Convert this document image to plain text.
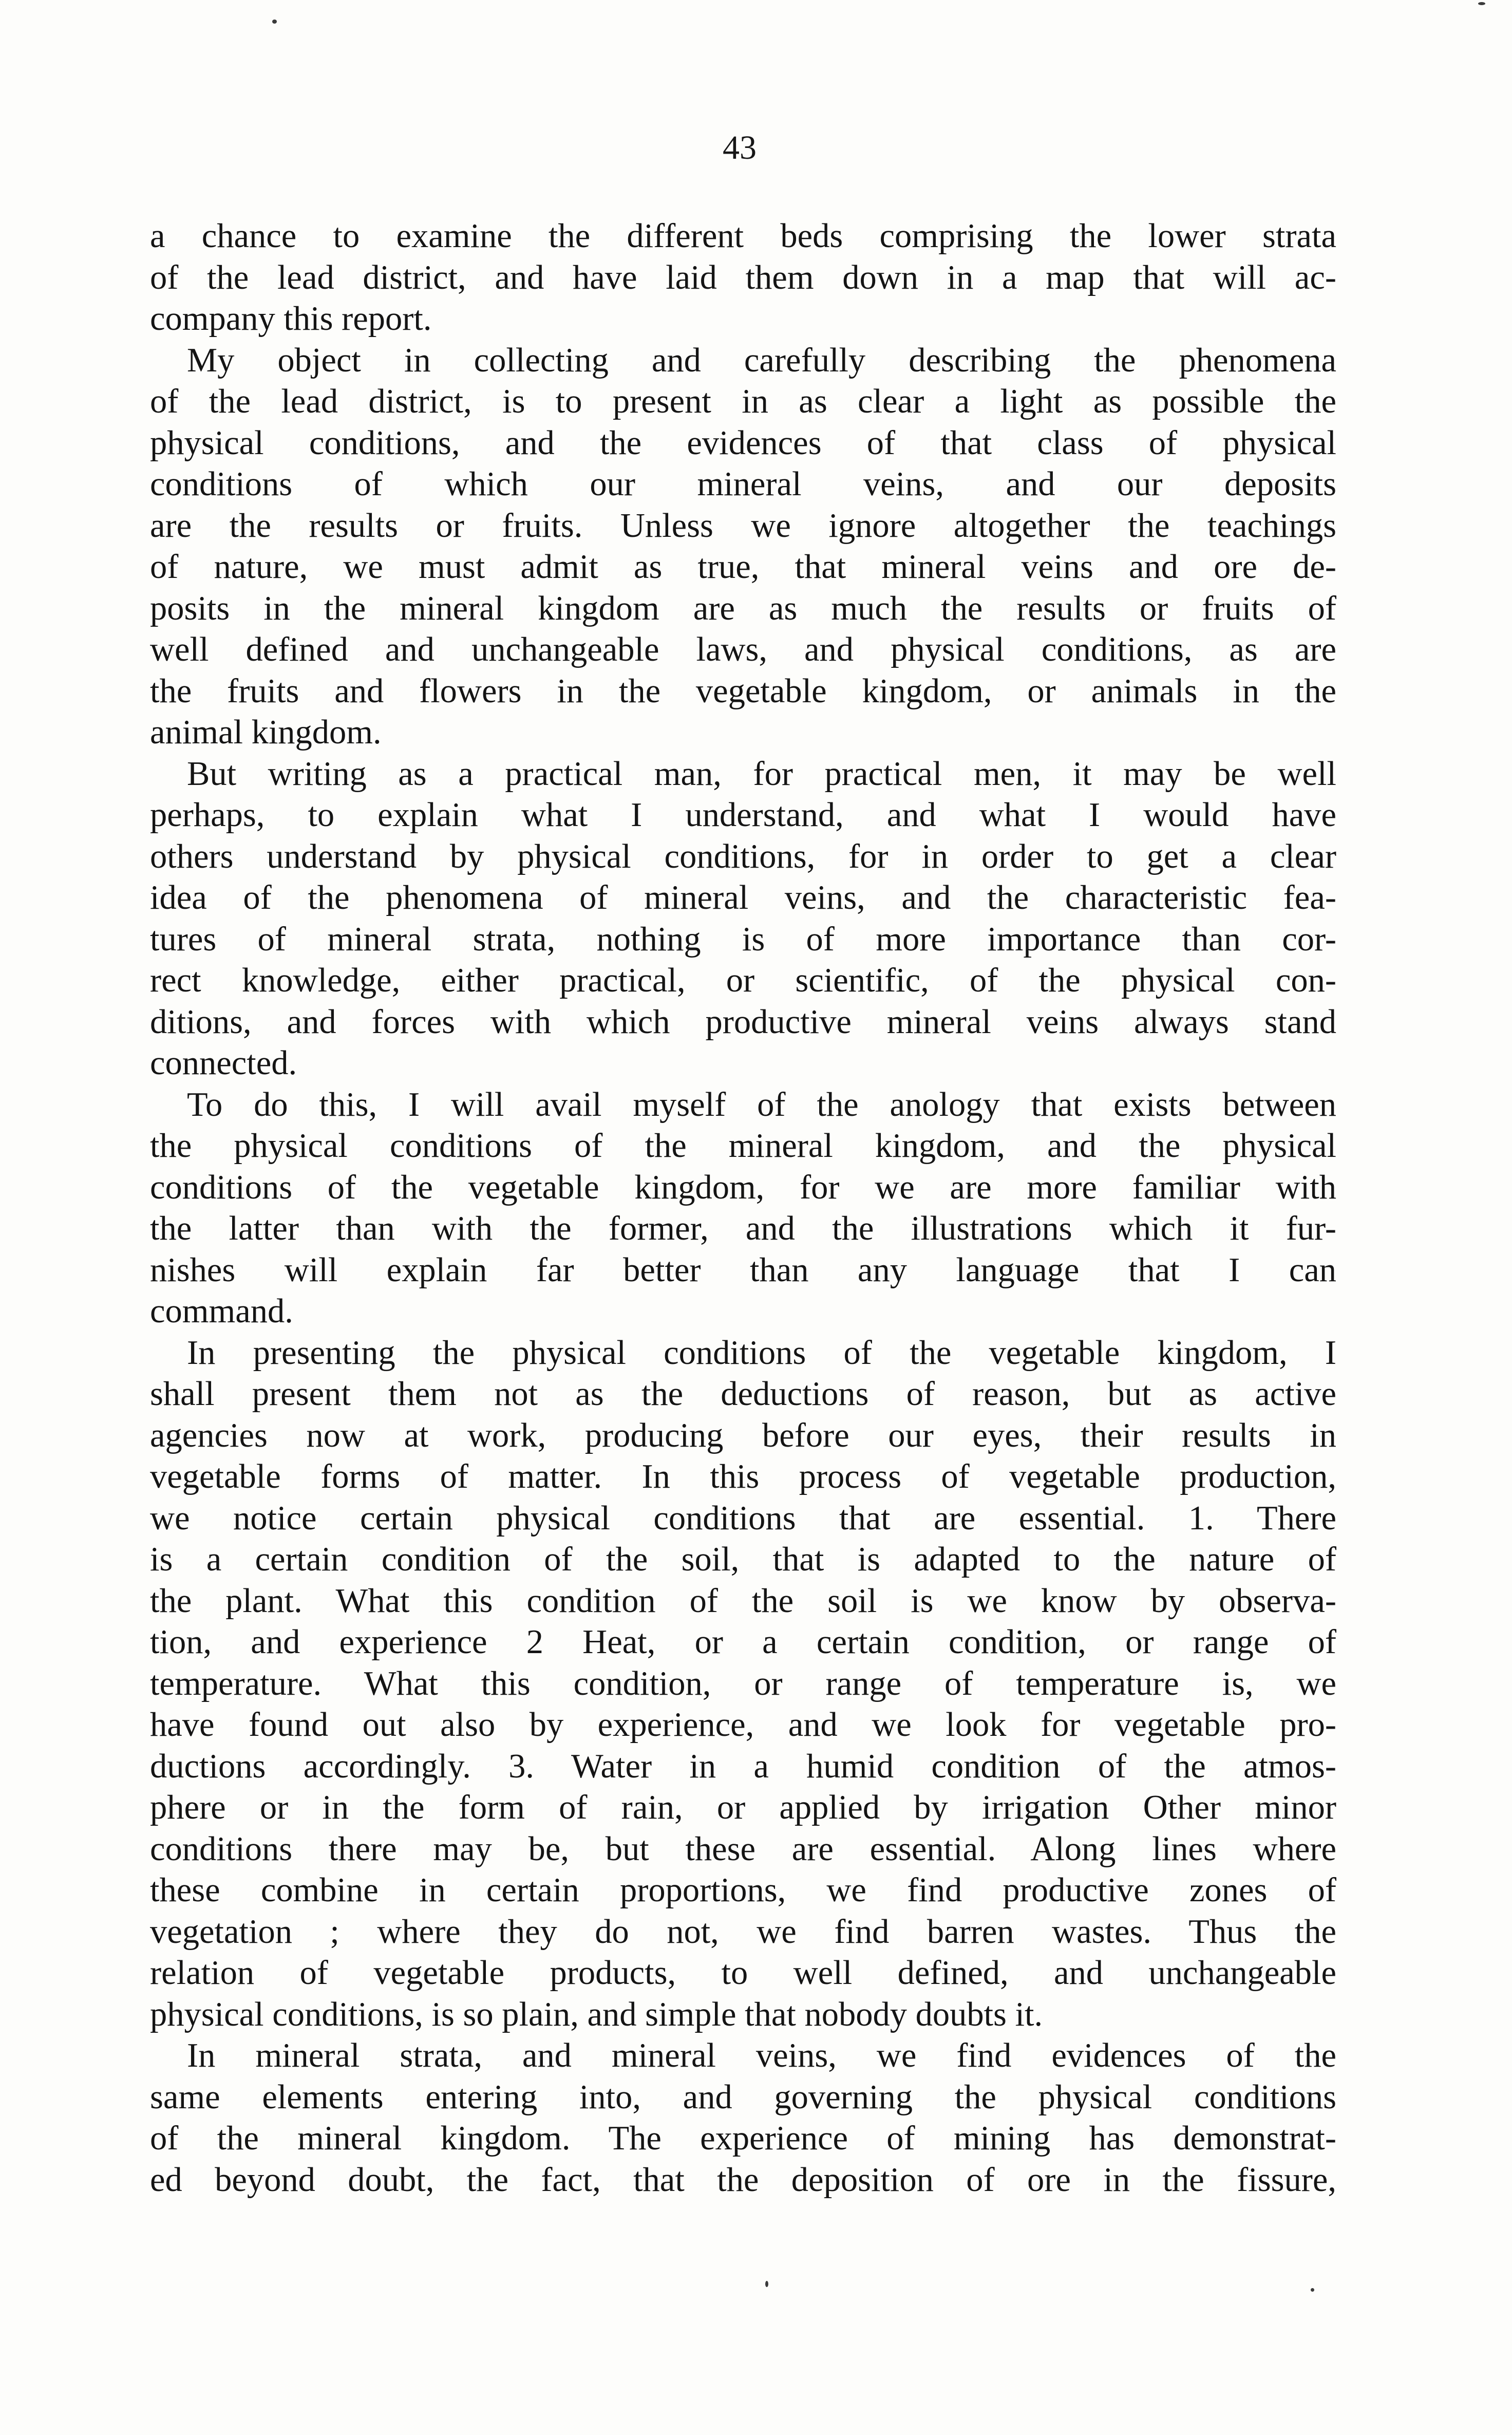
43
a chance to examine the different beds comprising the lower strata
of the lead district, and have laid them down in a map that will ac-
company this report.
My object in collecting and carefully describing the phenomena
of the lead district, is to present in as clear a light as possible the
physical conditions, and the evidences of that class of physical
conditions of which our mineral veins, and our deposits
are the results or fruits. Unless we ignore altogether the teachings
of nature, we must admit as true, that mineral veins and ore de-
posits in the mineral kingdom are as much the results or fruits of
well defined and unchangeable laws, and physical conditions, as are
the fruits and flowers in the vegetable kingdom, or animals in the
animal kingdom.
But writing as a practical man, for practical men, it may be well
perhaps, to explain what I understand, and what I would have
others understand by physical conditions, for in order to get a clear
idea of the phenomena of mineral veins, and the characteristic fea-
tures of mineral strata, nothing is of more importance than cor-
rect knowledge, either practical, or scientific, of the physical con-
ditions, and forces with which productive mineral veins always stand
connected.
To do this, I will avail myself of the anology that exists between
the physical conditions of the mineral kingdom, and the physical
conditions of the vegetable kingdom, for we are more familiar with
the latter than with the former, and the illustrations which it fur-
nishes will explain far better than any language that I can
command.
In presenting the physical conditions of the vegetable kingdom, I
shall present them not as the deductions of reason, but as active
agencies now at work, producing before our eyes, their results in
vegetable forms of matter. In this process of vegetable production,
we notice certain physical conditions that are essential. 1. There
is a certain condition of the soil, that is adapted to the nature of
the plant. What this condition of the soil is we know by observa-
tion, and experience 2 Heat, or a certain condition, or range of
temperature. What this condition, or range of temperature is, we
have found out also by experience, and we look for vegetable pro-
ductions accordingly. 3. Water in a humid condition of the atmos-
phere or in the form of rain, or applied by irrigation Other minor
conditions there may be, but these are essential. Along lines where
these combine in certain proportions, we find productive zones of
vegetation ; where they do not, we find barren wastes. Thus the
relation of vegetable products, to well defined, and unchangeable
physical conditions, is so plain, and simple that nobody doubts it.
In mineral strata, and mineral veins, we find evidences of the
same elements entering into, and governing the physical conditions
of the mineral kingdom. The experience of mining has demonstrat-
ed beyond doubt, the fact, that the deposition of ore in the fissure,
